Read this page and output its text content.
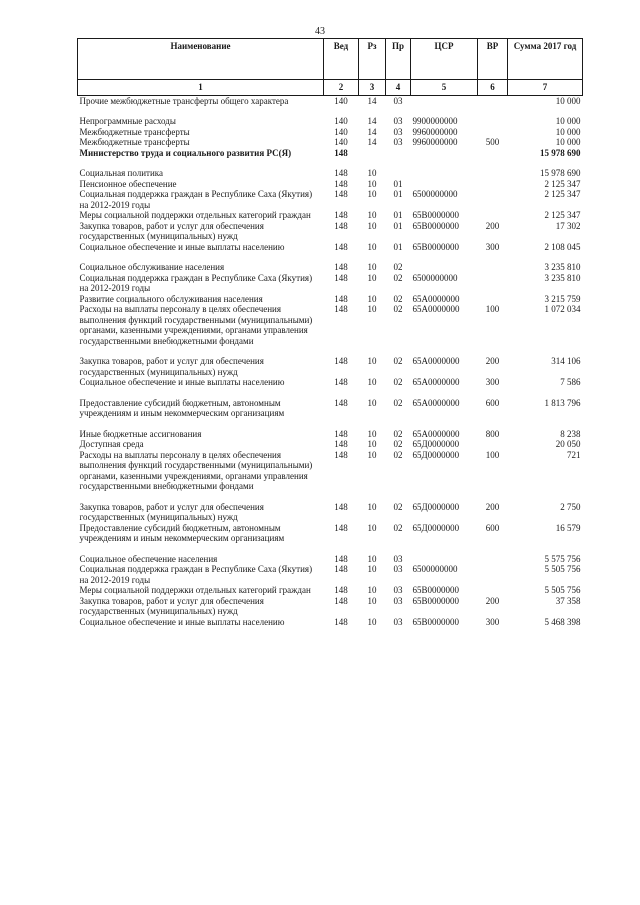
43
Наименование	Вед	Рз	Пр	ЦСР	ВР	Сумма 2017 год
1	2	3	4	5	6	7
Прочие межбюджетные трансферты общего характера	140	14	03			10 000

Непрограммные расходы	140	14	03	9900000000		10 000
Межбюджетные трансферты	140	14	03	9960000000		10 000
Межбюджетные трансферты	140	14	03	9960000000	500	10 000
Министерство труда и социального развития РС(Я)	148					15 978 690

Социальная политика	148	10				15 978 690
Пенсионное обеспечение	148	10	01			2 125 347
Социальная поддержка граждан в Республике Саха (Якутия) на 2012-2019 годы	148	10	01	6500000000		2 125 347
Меры социальной поддержки отдельных категорий граждан	148	10	01	65В0000000		2 125 347
Закупка товаров, работ и услуг для обеспечения государственных (муниципальных) нужд	148	10	01	65В0000000	200	17 302
Социальное обеспечение и иные выплаты населению	148	10	01	65В0000000	300	2 108 045

Социальное обслуживание населения	148	10	02			3 235 810
Социальная поддержка граждан в Республике Саха (Якутия) на 2012-2019 годы	148	10	02	6500000000		3 235 810
Развитие социального обслуживания населения	148	10	02	65А0000000		3 215 759
Расходы на выплаты персоналу в целях обеспечения выполнения функций государственными (муниципальными) органами, казенными учреждениями, органами управления государственными внебюджетными фондами	148	10	02	65А0000000	100	1 072 034

Закупка товаров, работ и услуг для обеспечения государственных (муниципальных) нужд	148	10	02	65А0000000	200	314 106
Социальное обеспечение и иные выплаты населению	148	10	02	65А0000000	300	7 586

Предоставление субсидий бюджетным, автономным учреждениям и иным некоммерческим организациям	148	10	02	65А0000000	600	1 813 796

Иные бюджетные ассигнования	148	10	02	65А0000000	800	8 238
Доступная среда	148	10	02	65Д0000000		20 050
Расходы на выплаты персоналу в целях обеспечения выполнения функций государственными (муниципальными) органами, казенными учреждениями, органами управления государственными внебюджетными фондами	148	10	02	65Д0000000	100	721

Закупка товаров, работ и услуг для обеспечения государственных (муниципальных) нужд	148	10	02	65Д0000000	200	2 750
Предоставление субсидий бюджетным, автономным учреждениям и иным некоммерческим организациям	148	10	02	65Д0000000	600	16 579

Социальное обеспечение населения	148	10	03			5 575 756
Социальная поддержка граждан в Республике Саха (Якутия) на 2012-2019 годы	148	10	03	6500000000		5 505 756
Меры социальной поддержки отдельных категорий граждан	148	10	03	65В0000000		5 505 756
Закупка товаров, работ и услуг для обеспечения государственных (муниципальных) нужд	148	10	03	65В0000000	200	37 358
Социальное обеспечение и иные выплаты населению	148	10	03	65В0000000	300	5 468 398
